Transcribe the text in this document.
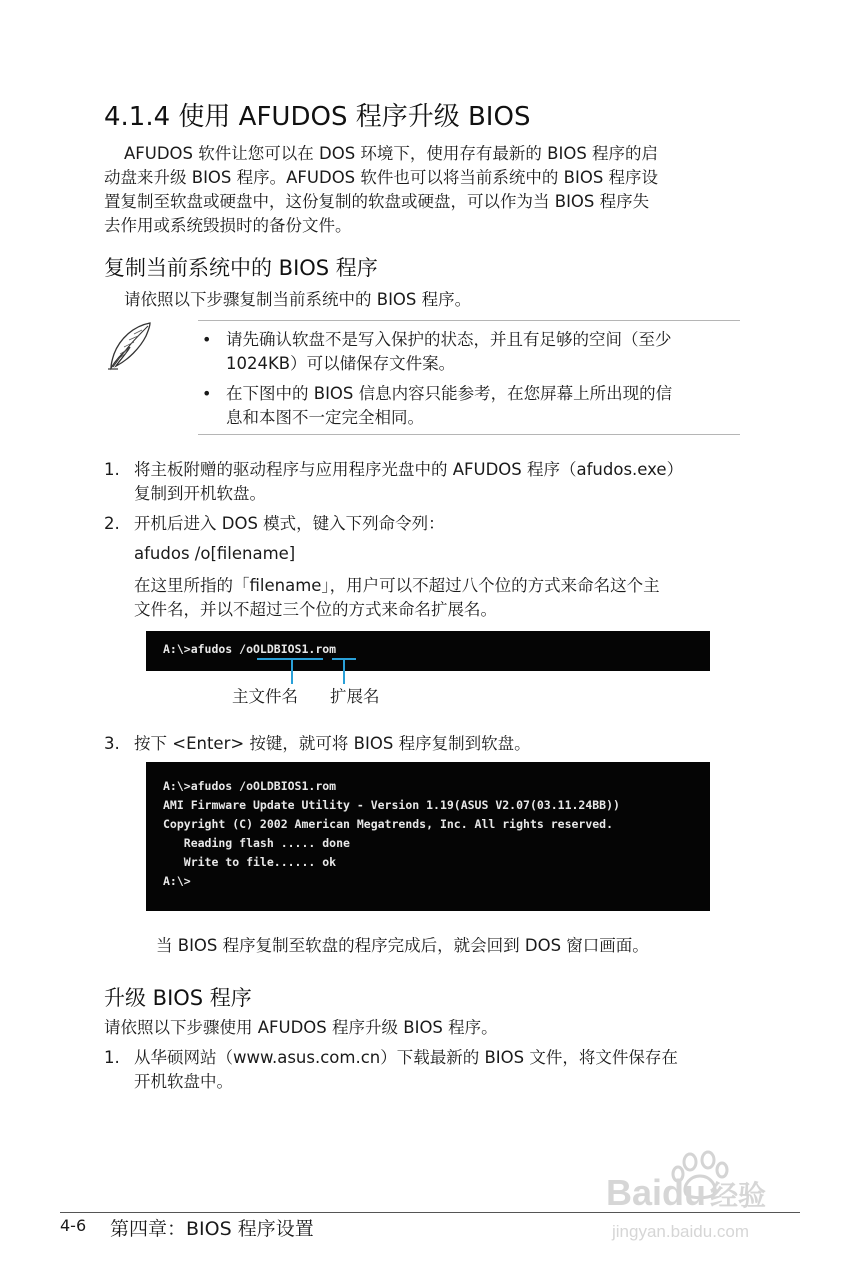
4.1.4 使用 AFUDOS 程序升级 BIOS
AFUDOS 软件让您可以在 DOS 环境下，使用存有最新的 BIOS 程序的启
动盘来升级 BIOS 程序。AFUDOS 软件也可以将当前系统中的 BIOS 程序设
置复制至软盘或硬盘中，这份复制的软盘或硬盘，可以作为当 BIOS 程序失
去作用或系统毁损时的备份文件。
复制当前系统中的 BIOS 程序
请依照以下步骤复制当前系统中的 BIOS 程序。
• 请先确认软盘不是写入保护的状态，并且有足够的空间（至少
1024KB）可以储保存文件案。
• 在下图中的 BIOS 信息内容只能参考，在您屏幕上所出现的信
息和本图不一定完全相同。
1. 将主板附赠的驱动程序与应用程序光盘中的 AFUDOS 程序（afudos.exe）
复制到开机软盘。
2. 开机后进入 DOS 模式，键入下列命令列：
afudos /o[filename]
在这里所指的「filename」，用户可以不超过八个位的方式来命名这个主
文件名，并以不超过三个位的方式来命名扩展名。
A:\>afudos /oOLDBIOS1.rom
主文件名 扩展名
3. 按下 <Enter> 按键，就可将 BIOS 程序复制到软盘。
A:\>afudos /oOLDBIOS1.rom
AMI Firmware Update Utility - Version 1.19(ASUS V2.07(03.11.24BB))
Copyright (C) 2002 American Megatrends, Inc. All rights reserved.
Reading flash ..... done
Write to file...... ok
A:\>
当 BIOS 程序复制至软盘的程序完成后，就会回到 DOS 窗口画面。
升级 BIOS 程序
请依照以下步骤使用 AFUDOS 程序升级 BIOS 程序。
1. 从华硕网站（www.asus.com.cn）下载最新的 BIOS 文件，将文件保存在
开机软盘中。
Baidu 经验
jingyan.baidu.com
4-6 第四章：BIOS 程序设置
